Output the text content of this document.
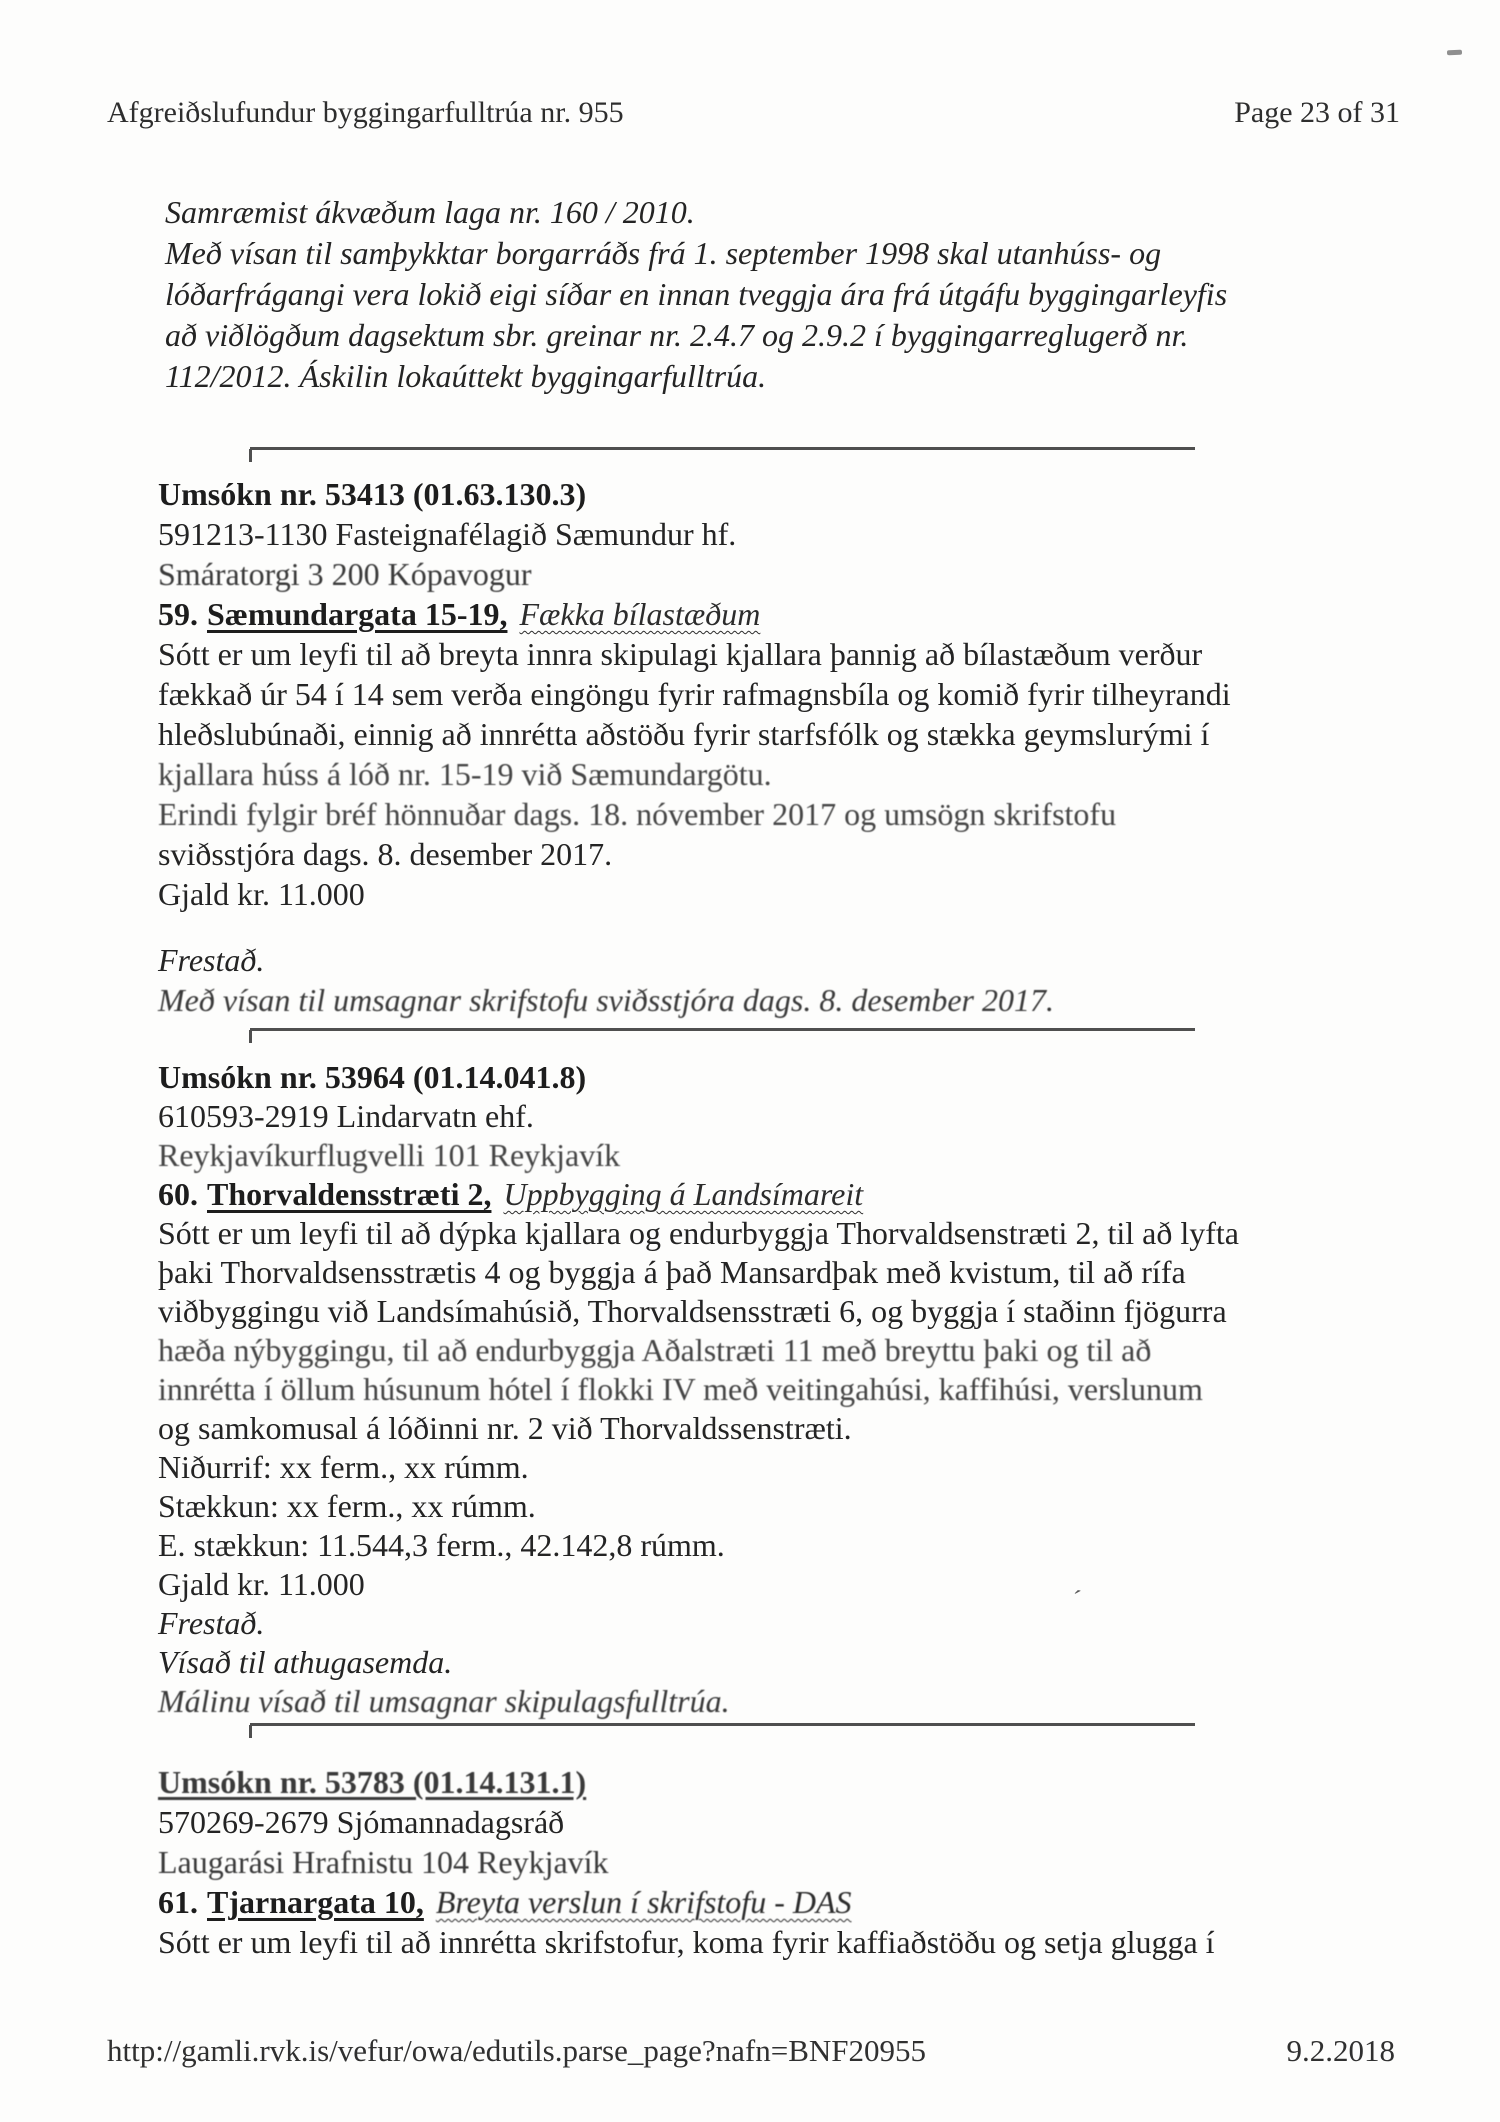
Afgreiðslufundur byggingarfulltrúa nr. 955	Page 23 of 31
Samræmist ákvæðum laga nr. 160 / 2010.
Með vísan til samþykktar borgarráðs frá 1. september 1998 skal utanhúss- og
lóðarfrágangi vera lokið eigi síðar en innan tveggja ára frá útgáfu byggingarleyfis
að viðlögðum dagsektum sbr. greinar nr. 2.4.7 og 2.9.2 í byggingarreglugerð nr.
112/2012. Áskilin lokaúttekt byggingarfulltrúa.
Umsókn nr. 53413 (01.63.130.3)
591213-1130 Fasteignafélagið Sæmundur hf.
Smáratorgi 3 200 Kópavogur
59. Sæmundargata 15-19, Fækka bílastæðum
Sótt er um leyfi til að breyta innra skipulagi kjallara þannig að bílastæðum verður
fækkað úr 54 í 14 sem verða eingöngu fyrir rafmagnsbíla og komið fyrir tilheyrandi
hleðslubúnaði, einnig að innrétta aðstöðu fyrir starfsfólk og stækka geymslurými í
kjallara húss á lóð nr. 15-19 við Sæmundargötu.
Erindi fylgir bréf hönnuðar dags. 18. nóvember 2017 og umsögn skrifstofu
sviðsstjóra dags. 8. desember 2017.
Gjald kr. 11.000
Frestað.
Með vísan til umsagnar skrifstofu sviðsstjóra dags. 8. desember 2017.
Umsókn nr. 53964 (01.14.041.8)
610593-2919 Lindarvatn ehf.
Reykjavíkurflugvelli 101 Reykjavík
60. Thorvaldensstræti 2, Uppbygging á Landsímareit
Sótt er um leyfi til að dýpka kjallara og endurbyggja Thorvaldsenstræti 2, til að lyfta
þaki Thorvaldsensstrætis 4 og byggja á það Mansardþak með kvistum, til að rífa
viðbyggingu við Landsímahúsið, Thorvaldsensstræti 6, og byggja í staðinn fjögurra
hæða nýbyggingu, til að endurbyggja Aðalstræti 11 með breyttu þaki og til að
innrétta í öllum húsunum hótel í flokki IV með veitingahúsi, kaffihúsi, verslunum
og samkomusal á lóðinni nr. 2 við Thorvaldssenstræti.
Niðurrif: xx ferm., xx rúmm.
Stækkun: xx ferm., xx rúmm.
E. stækkun: 11.544,3 ferm., 42.142,8 rúmm.
Gjald kr. 11.000
Frestað.
Vísað til athugasemda.
Málinu vísað til umsagnar skipulagsfulltrúa.
´
Umsókn nr. 53783 (01.14.131.1)
570269-2679 Sjómannadagsráð
Laugarási Hrafnistu 104 Reykjavík
61. Tjarnargata 10, Breyta verslun í skrifstofu - DAS
Sótt er um leyfi til að innrétta skrifstofur, koma fyrir kaffiaðstöðu og setja glugga í
http://gamli.rvk.is/vefur/owa/edutils.parse_page?nafn=BNF20955	9.2.2018
